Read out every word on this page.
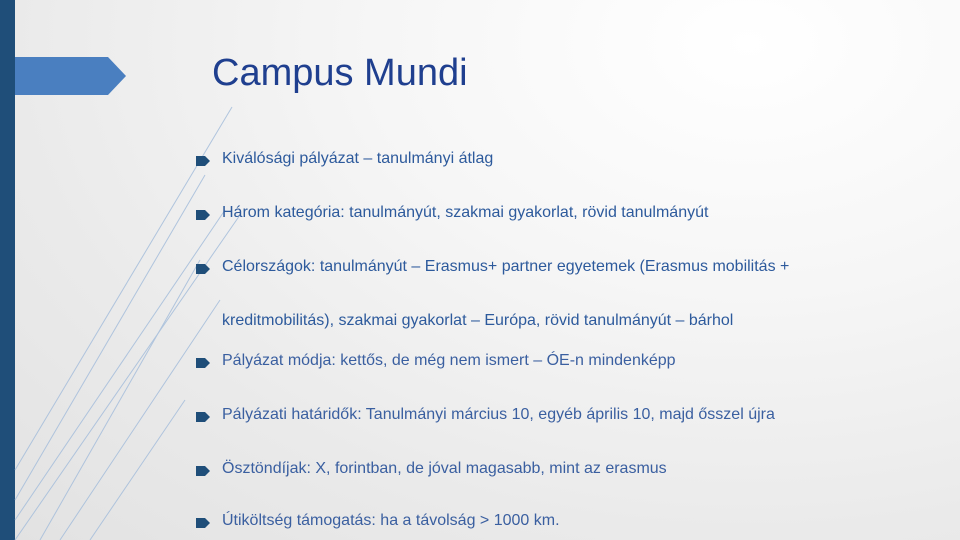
Campus Mundi
Kiválósági pályázat – tanulmányi átlag
Három kategória: tanulmányút, szakmai gyakorlat, rövid tanulmányút
Célországok: tanulmányút – Erasmus+ partner egyetemek (Erasmus mobilitás +
kreditmobilitás), szakmai gyakorlat – Európa, rövid tanulmányút – bárhol
Pályázat módja: kettős, de még nem ismert – ÓE-n mindenképp
Pályázati határidők: Tanulmányi március 10, egyéb április 10, majd ősszel újra
Ösztöndíjak: X, forintban, de jóval magasabb, mint az erasmus
Útiköltség támogatás: ha a távolság > 1000 km.
